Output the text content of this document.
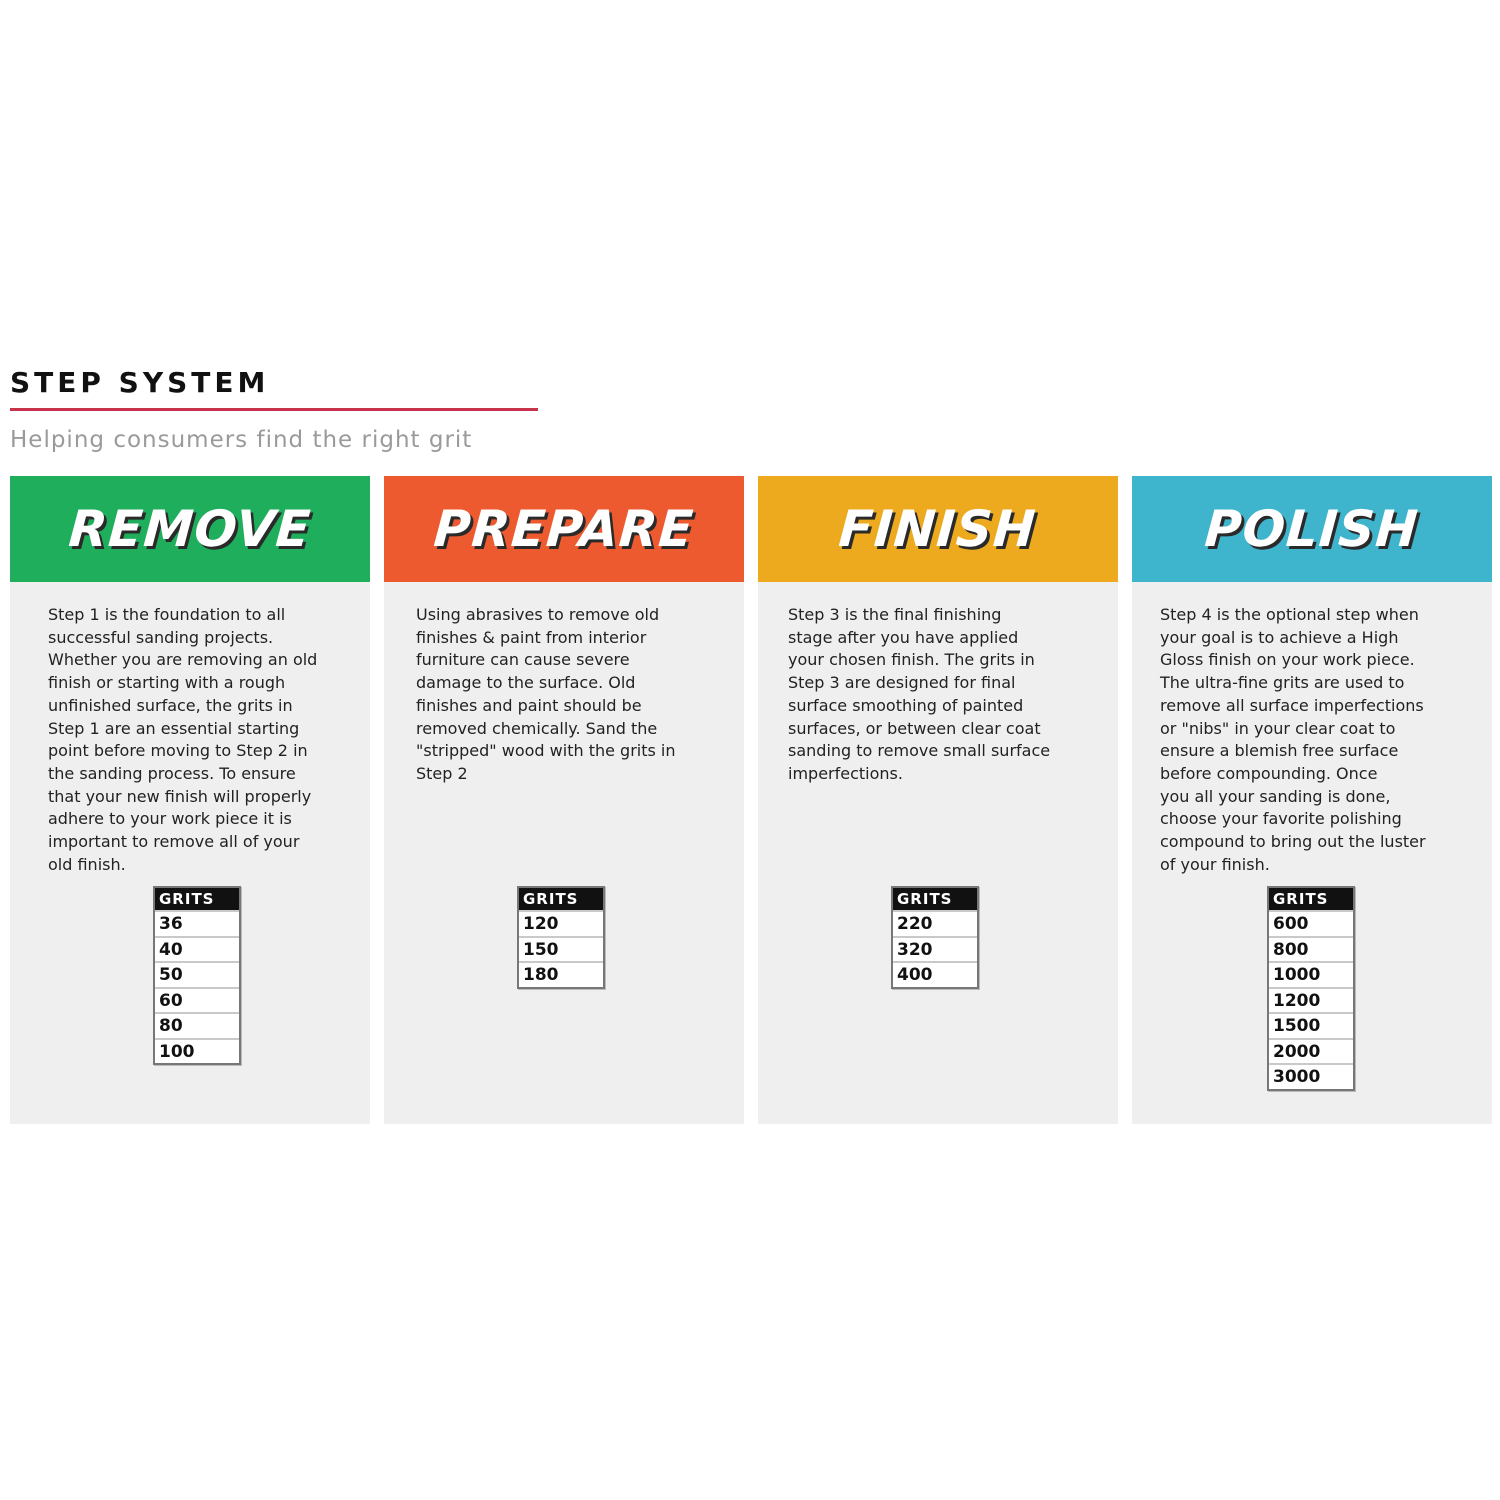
STEP SYSTEM
Helping consumers find the right grit
REMOVE
Step 1 is the foundation to all
successful sanding projects.
Whether you are removing an old
finish or starting with a rough
unfinished surface, the grits in
Step 1 are an essential starting
point before moving to Step 2 in
the sanding process. To ensure
that your new finish will properly
adhere to your work piece it is
important to remove all of your
old finish.
GRITS
36
40
50
60
80
100
PREPARE
Using abrasives to remove old
finishes & paint from interior
furniture can cause severe
damage to the surface. Old
finishes and paint should be
removed chemically. Sand the
"stripped" wood with the grits in
Step 2
GRITS
120
150
180
FINISH
Step 3 is the final finishing
stage after you have applied
your chosen finish. The grits in
Step 3 are designed for final
surface smoothing of painted
surfaces, or between clear coat
sanding to remove small surface
imperfections.
GRITS
220
320
400
POLISH
Step 4 is the optional step when
your goal is to achieve a High
Gloss finish on your work piece.
The ultra-fine grits are used to
remove all surface imperfections
or "nibs" in your clear coat to
ensure a blemish free surface
before compounding. Once
you all your sanding is done,
choose your favorite polishing
compound to bring out the luster
of your finish.
GRITS
600
800
1000
1200
1500
2000
3000
